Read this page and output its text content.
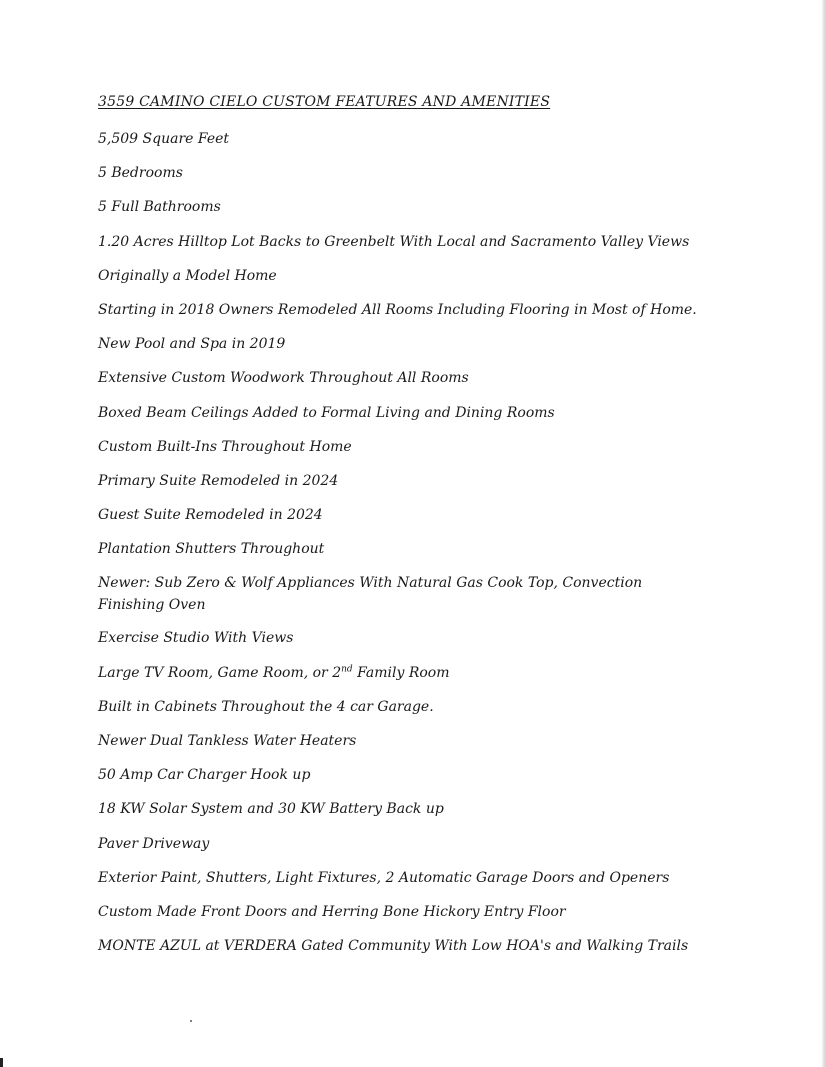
3559 CAMINO CIELO CUSTOM FEATURES AND AMENITIES
5,509 Square Feet
5 Bedrooms
5 Full Bathrooms
1.20 Acres Hilltop Lot Backs to Greenbelt With Local and Sacramento Valley Views
Originally a Model Home
Starting in 2018 Owners Remodeled All Rooms Including Flooring in Most of Home.
New Pool and Spa in 2019
Extensive Custom Woodwork Throughout All Rooms
Boxed Beam Ceilings Added to Formal Living and Dining Rooms
Custom Built-Ins Throughout Home
Primary Suite Remodeled in 2024
Guest Suite Remodeled in 2024
Plantation Shutters Throughout
Newer: Sub Zero & Wolf Appliances With Natural Gas Cook Top, Convection Finishing Oven
Exercise Studio With Views
Large TV Room, Game Room, or 2nd Family Room
Built in Cabinets Throughout the 4 car Garage.
Newer Dual Tankless Water Heaters
50 Amp Car Charger Hook up
18 KW Solar System and 30 KW Battery Back up
Paver Driveway
Exterior Paint, Shutters, Light Fixtures, 2 Automatic Garage Doors and Openers
Custom Made Front Doors and Herring Bone Hickory Entry Floor
MONTE AZUL at VERDERA Gated Community With Low HOA's and Walking Trails
